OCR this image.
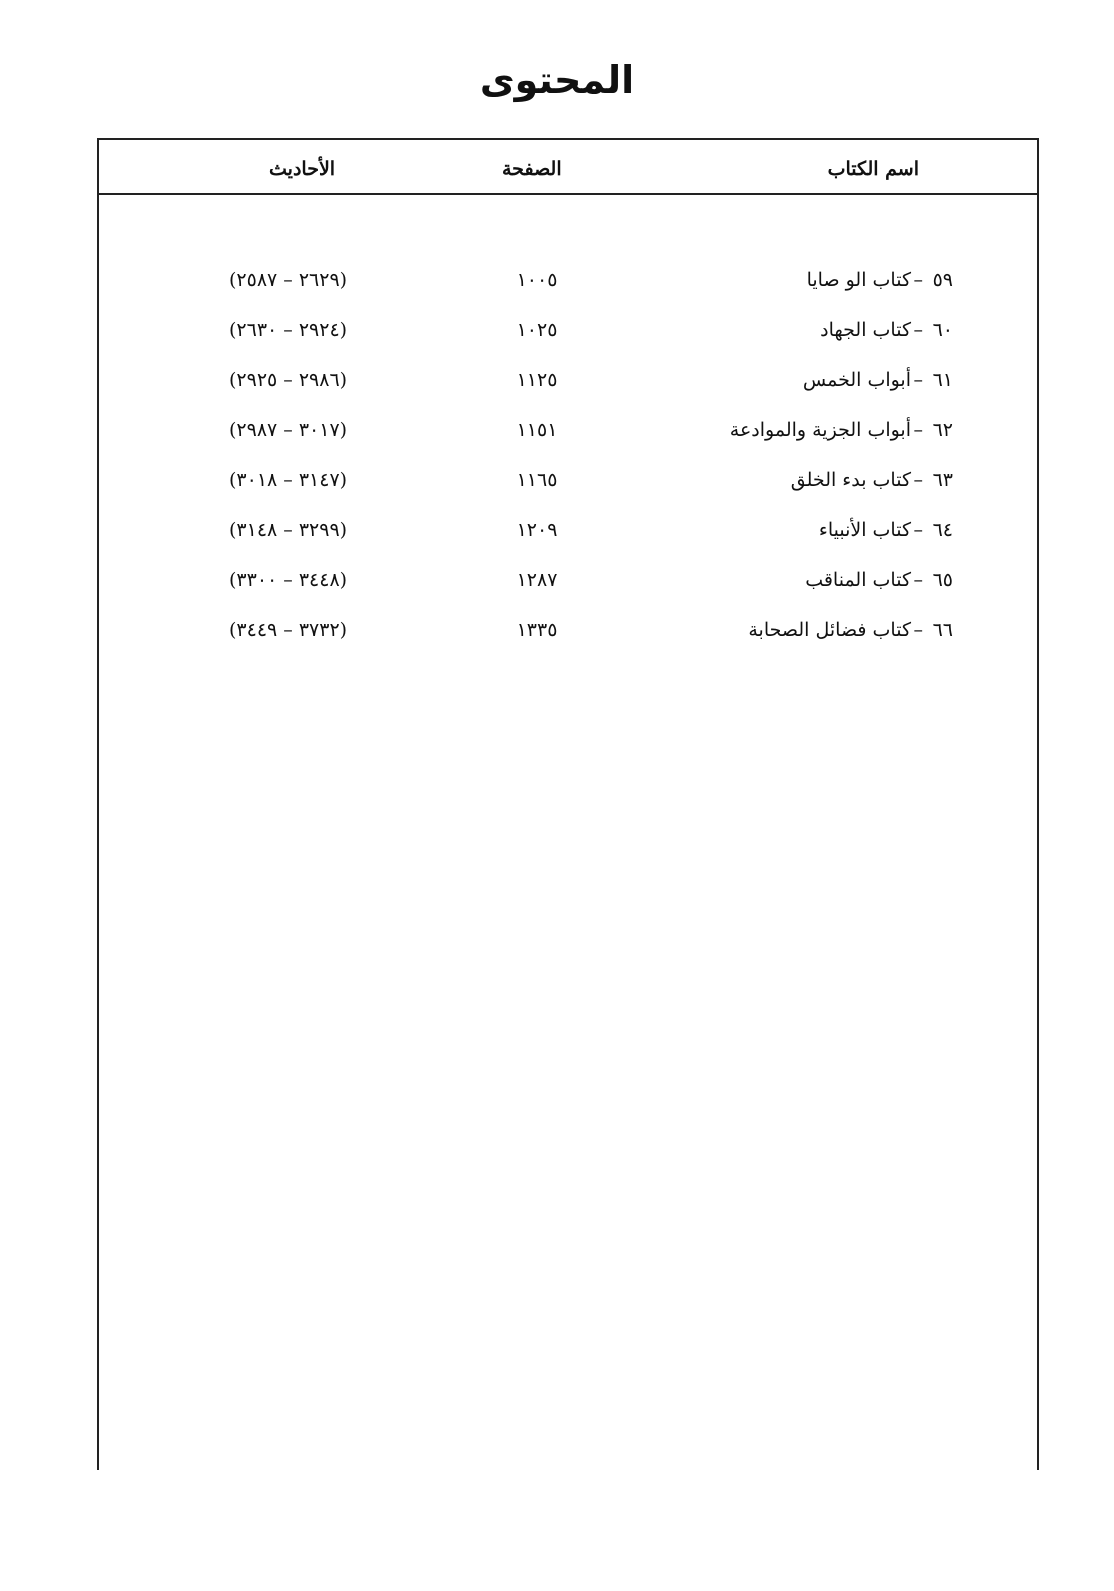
المحتوى
اسم الكتاب
الصفحة
الأحاديث
٥٩
–
كتاب الو صايا
١٠٠٥
(٢٦٢٩ – ٢٥٨٧)
٦٠
–
كتاب الجهاد
١٠٢٥
(٢٩٢٤ – ٢٦٣٠)
٦١
–
أبواب الخمس
١١٢٥
(٢٩٨٦ – ٢٩٢٥)
٦٢
–
أبواب الجزية والموادعة
١١٥١
(٣٠١٧ – ٢٩٨٧)
٦٣
–
كتاب بدء الخلق
١١٦٥
(٣١٤٧ – ٣٠١٨)
٦٤
–
كتاب الأنبياء
١٢٠٩
(٣٢٩٩ – ٣١٤٨)
٦٥
–
كتاب المناقب
١٢٨٧
(٣٤٤٨ – ٣٣٠٠)
٦٦
–
كتاب فضائل الصحابة
١٣٣٥
(٣٧٣٢ – ٣٤٤٩)
